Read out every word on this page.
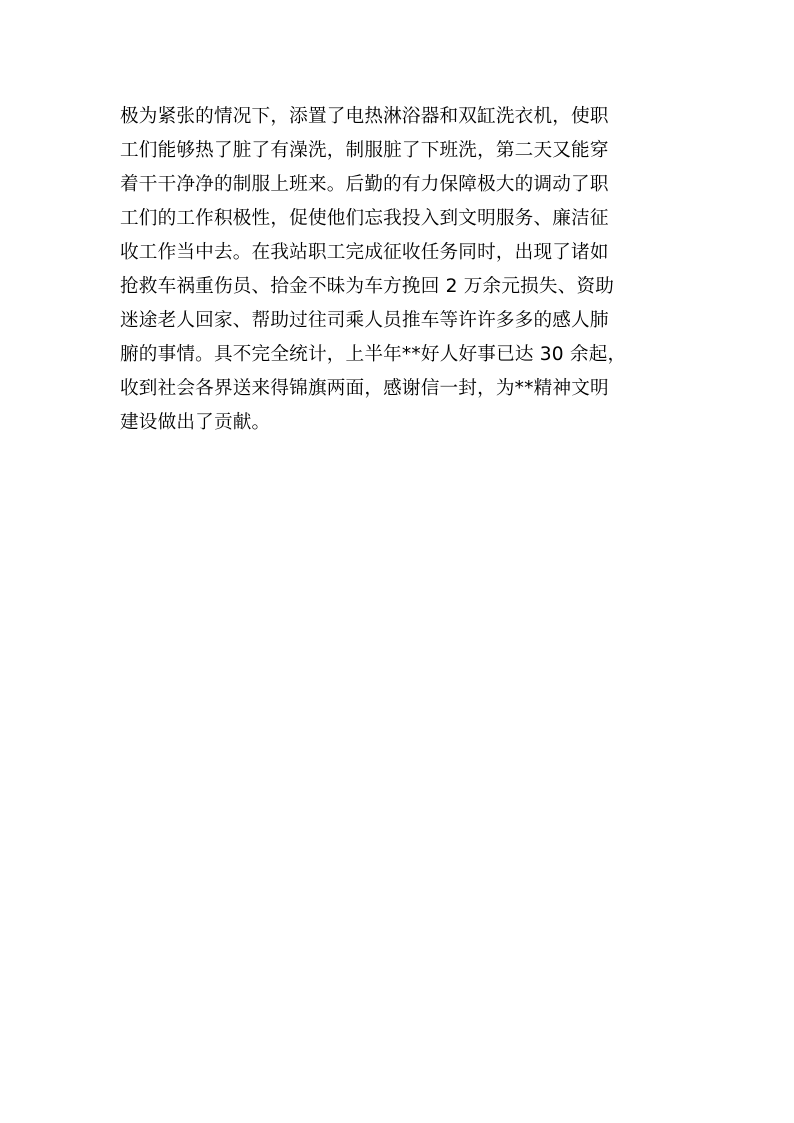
极为紧张的情况下，添置了电热淋浴器和双缸洗衣机，使职
工们能够热了脏了有澡洗，制服脏了下班洗，第二天又能穿
着干干净净的制服上班来。后勤的有力保障极大的调动了职
工们的工作积极性，促使他们忘我投入到文明服务、廉洁征
收工作当中去。在我站职工完成征收任务同时，出现了诸如
抢救车祸重伤员、拾金不昧为车方挽回 2 万余元损失、资助
迷途老人回家、帮助过往司乘人员推车等许许多多的感人肺
腑的事情。具不完全统计，上半年**好人好事已达 30 余起，
收到社会各界送来得锦旗两面，感谢信一封，为**精神文明
建设做出了贡献。
